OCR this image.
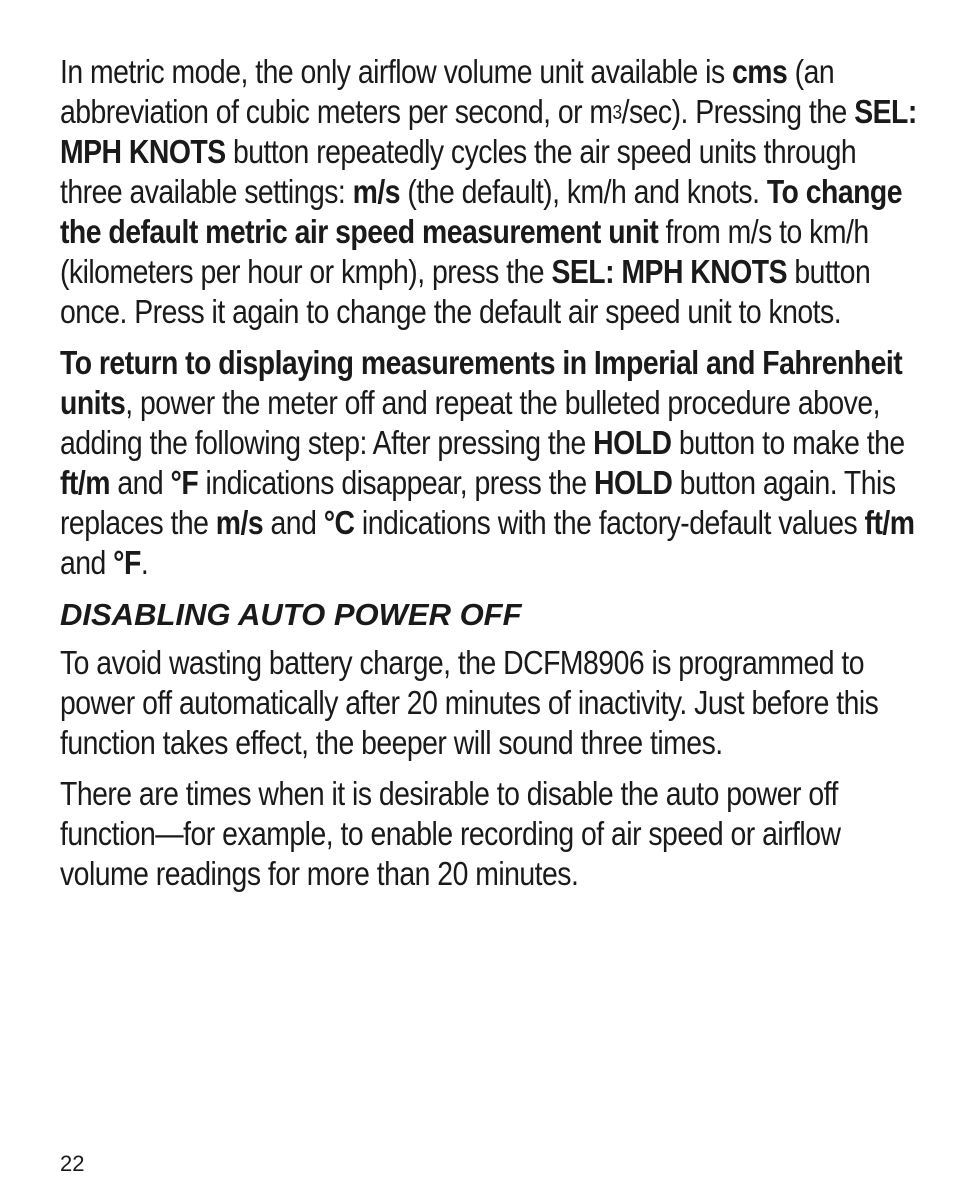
In metric mode, the only airflow volume unit available is cms (an abbreviation of cubic meters per second, or $m^3/\sec$). Pressing the SEL: MPH KNOTS button repeatedly cycles the air speed units through three available settings: m/s (the default), km/h and knots. To change the default metric air speed measurement unit from m/s to km/h (kilometers per hour or kmph), press the SEL: MPH KNOTS button once. Press it again to change the default air speed unit to knots.

To return to displaying measurements in Imperial and Fahrenheit units, power the meter off and repeat the bulleted procedure above, adding the following step: After pressing the HOLD button to make the ft/m and °F indications disappear, press the HOLD button again. This replaces the m/s and °C indications with the factory-default values ft/m and °F.

DISABLING AUTO POWER OFF

To avoid wasting battery charge, the DCFM8906 is programmed to power off automatically after 20 minutes of inactivity. Just before this function takes effect, the beeper will sound three times.

There are times when it is desirable to disable the auto power off function—for example, to enable recording of air speed or airflow volume readings for more than 20 minutes.

22
